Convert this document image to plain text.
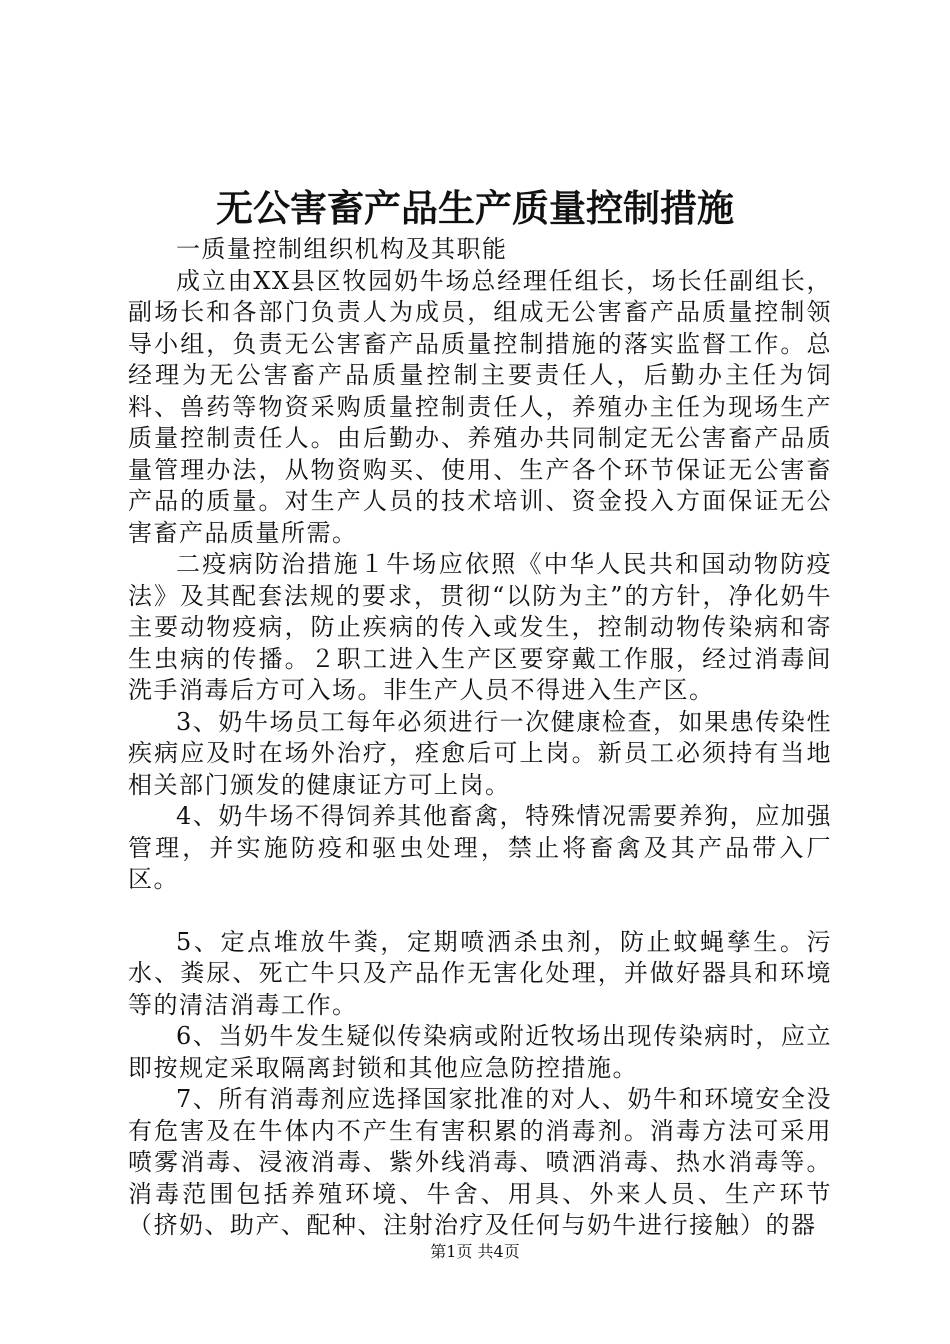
无公害畜产品生产质量控制措施

一质量控制组织机构及其职能

成立由XX县区牧园奶牛场总经理任组长，场长任副组长，副场长和各部门负责人为成员，组成无公害畜产品质量控制领导小组，负责无公害畜产品质量控制措施的落实监督工作。总经理为无公害畜产品质量控制主要责任人，后勤办主任为饲料、兽药等物资采购质量控制责任人，养殖办主任为现场生产质量控制责任人。由后勤办、养殖办共同制定无公害畜产品质量管理办法，从物资购买、使用、生产各个环节保证无公害畜产品的质量。对生产人员的技术培训、资金投入方面保证无公害畜产品质量所需。

二疫病防治措施１牛场应依照《中华人民共和国动物防疫法》及其配套法规的要求，贯彻“以防为主”的方针，净化奶牛主要动物疫病，防止疾病的传入或发生，控制动物传染病和寄生虫病的传播。２职工进入生产区要穿戴工作服，经过消毒间洗手消毒后方可入场。非生产人员不得进入生产区。

3、奶牛场员工每年必须进行一次健康检查，如果患传染性疾病应及时在场外治疗，痊愈后可上岗。新员工必须持有当地相关部门颁发的健康证方可上岗。

4、奶牛场不得饲养其他畜禽，特殊情况需要养狗，应加强管理，并实施防疫和驱虫处理，禁止将畜禽及其产品带入厂区。

5、定点堆放牛粪，定期喷洒杀虫剂，防止蚊蝇孳生。污水、粪尿、死亡牛只及产品作无害化处理，并做好器具和环境等的清洁消毒工作。

6、当奶牛发生疑似传染病或附近牧场出现传染病时，应立即按规定采取隔离封锁和其他应急防控措施。

7、所有消毒剂应选择国家批准的对人、奶牛和环境安全没有危害及在牛体内不产生有害积累的消毒剂。消毒方法可采用喷雾消毒、浸液消毒、紫外线消毒、喷洒消毒、热水消毒等。消毒范围包括养殖环境、牛舍、用具、外来人员、生产环节（挤奶、助产、配种、注射治疗及任何与奶牛进行接触）的器

第1页 共4页
